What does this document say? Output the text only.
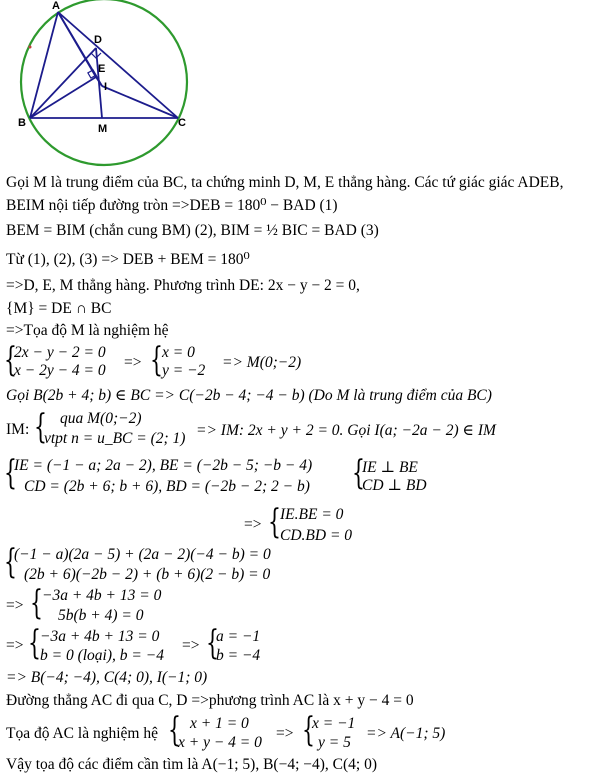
A
D
E
I
B	M	C
Gọi M là trung điểm của BC, ta chứng minh D, M, E thẳng hàng. Các tứ giác giác ADEB,
BEIM nội tiếp đường tròn =>DEB = 180⁰ − BAD (1)
BEM = BIM (chắn cung BM) (2), BIM = ½ BIC = BAD (3)
Từ (1), (2), (3) => DEB + BEM = 180⁰
=>D, E, M thẳng hàng. Phương trình DE: 2x − y − 2 = 0,
{M} = DE ∩ BC
=>Tọa độ M là nghiệm hệ
{
2x − y − 2 = 0
x − 2y − 4 = 0 => { x = 0
y = −2 => M(0;−2)
Gọi B(2b + 4; b) ∈ BC => C(−2b − 4; −4 − b) (Do M là trung điểm của BC)
IM: { qua M(0;−2)
vtpt n = u_BC = (2; 1) => IM: 2x + y + 2 = 0. Gọi I(a; −2a − 2) ∈ IM
{
IE = (−1 − a; 2a − 2), BE = (−2b − 5; −b − 4)
CD = (2b + 6; b + 6), BD = (−2b − 2; 2 − b) {
IE ⊥ BE
CD ⊥ BD
=> { IE.BE = 0
CD.BD = 0
{
(−1 − a)(2a − 5) + (2a − 2)(−4 − b) = 0
(2b + 6)(−2b − 2) + (b + 6)(2 − b) = 0
=> { −3a + 4b + 13 = 0
5b(b + 4) = 0
=> { −3a + 4b + 13 = 0
b = 0 (loại), b = −4
=> {
a = −1
b = −4
=> B(−4; −4), C(4; 0), I(−1; 0)
Đường thẳng AC đi qua C, D =>phương trình AC là x + y − 4 = 0
Tọa độ AC là nghiệm hệ { x + 1 = 0
x + y − 4 = 0
=> {
x = −1
y = 5
=> A(−1; 5)
Vậy tọa độ các điểm cần tìm là A(−1; 5), B(−4; −4), C(4; 0)
